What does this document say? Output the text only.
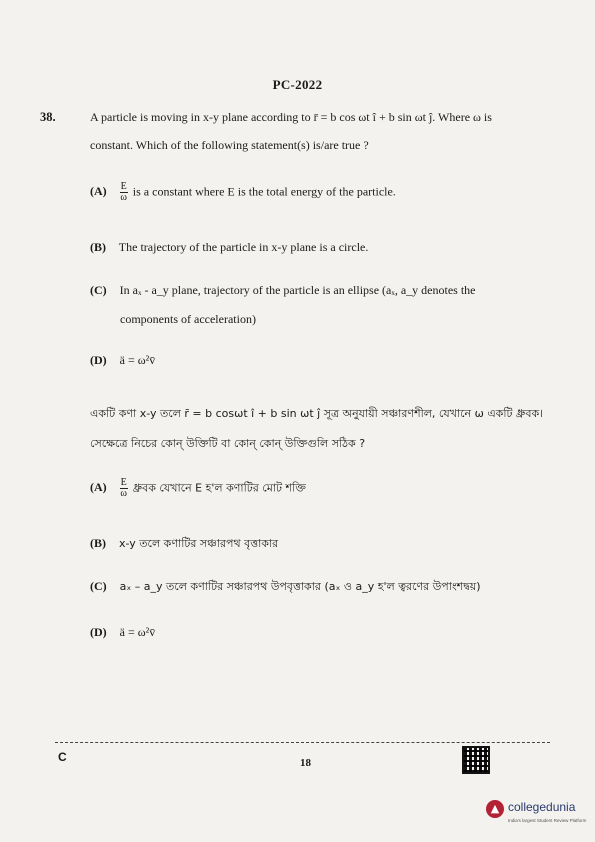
PC-2022
38.	A particle is moving in x-y plane according to r̄ = b cos ωt î + b sin ωt ĵ. Where ω is
constant. Which of the following statement(s) is/are true ?
$(A) \frac{E}{\omega}$ is a constant where E is the total energy of the particle.
(B) The trajectory of the particle in x-y plane is a circle.
(C) In aₓ - a_y plane, trajectory of the particle is an ellipse (aₓ, a_y denotes the
components of acceleration)
(D) ä = ω²v̄
একটি কণা x-y তলে r̄ = b cosωt î + b sin ωt ĵ সূত্র অনুযায়ী সঞ্চারণশীল, যেখানে ω একটি ধ্রুবক।
সেক্ষেত্রে নিচের কোন্ উক্তিটি বা কোন্ কোন্ উক্তিগুলি সঠিক ?
$(A) \frac{E}{\omega}$ ধ্রুবক যেখানে E হ'ল কণাটির মোট শক্তি
(B) x-y তলে কণাটির সঞ্চারপথ বৃত্তাকার
(C) aₓ – a_y তলে কণাটির সঞ্চারপথ উপবৃত্তাকার (aₓ ও a_y হ'ল ত্বরণের উপাংশদ্বয়)
(D) ä = ω²v̄
C	18
▲ collegedunia
India's largest Student Review Platform
